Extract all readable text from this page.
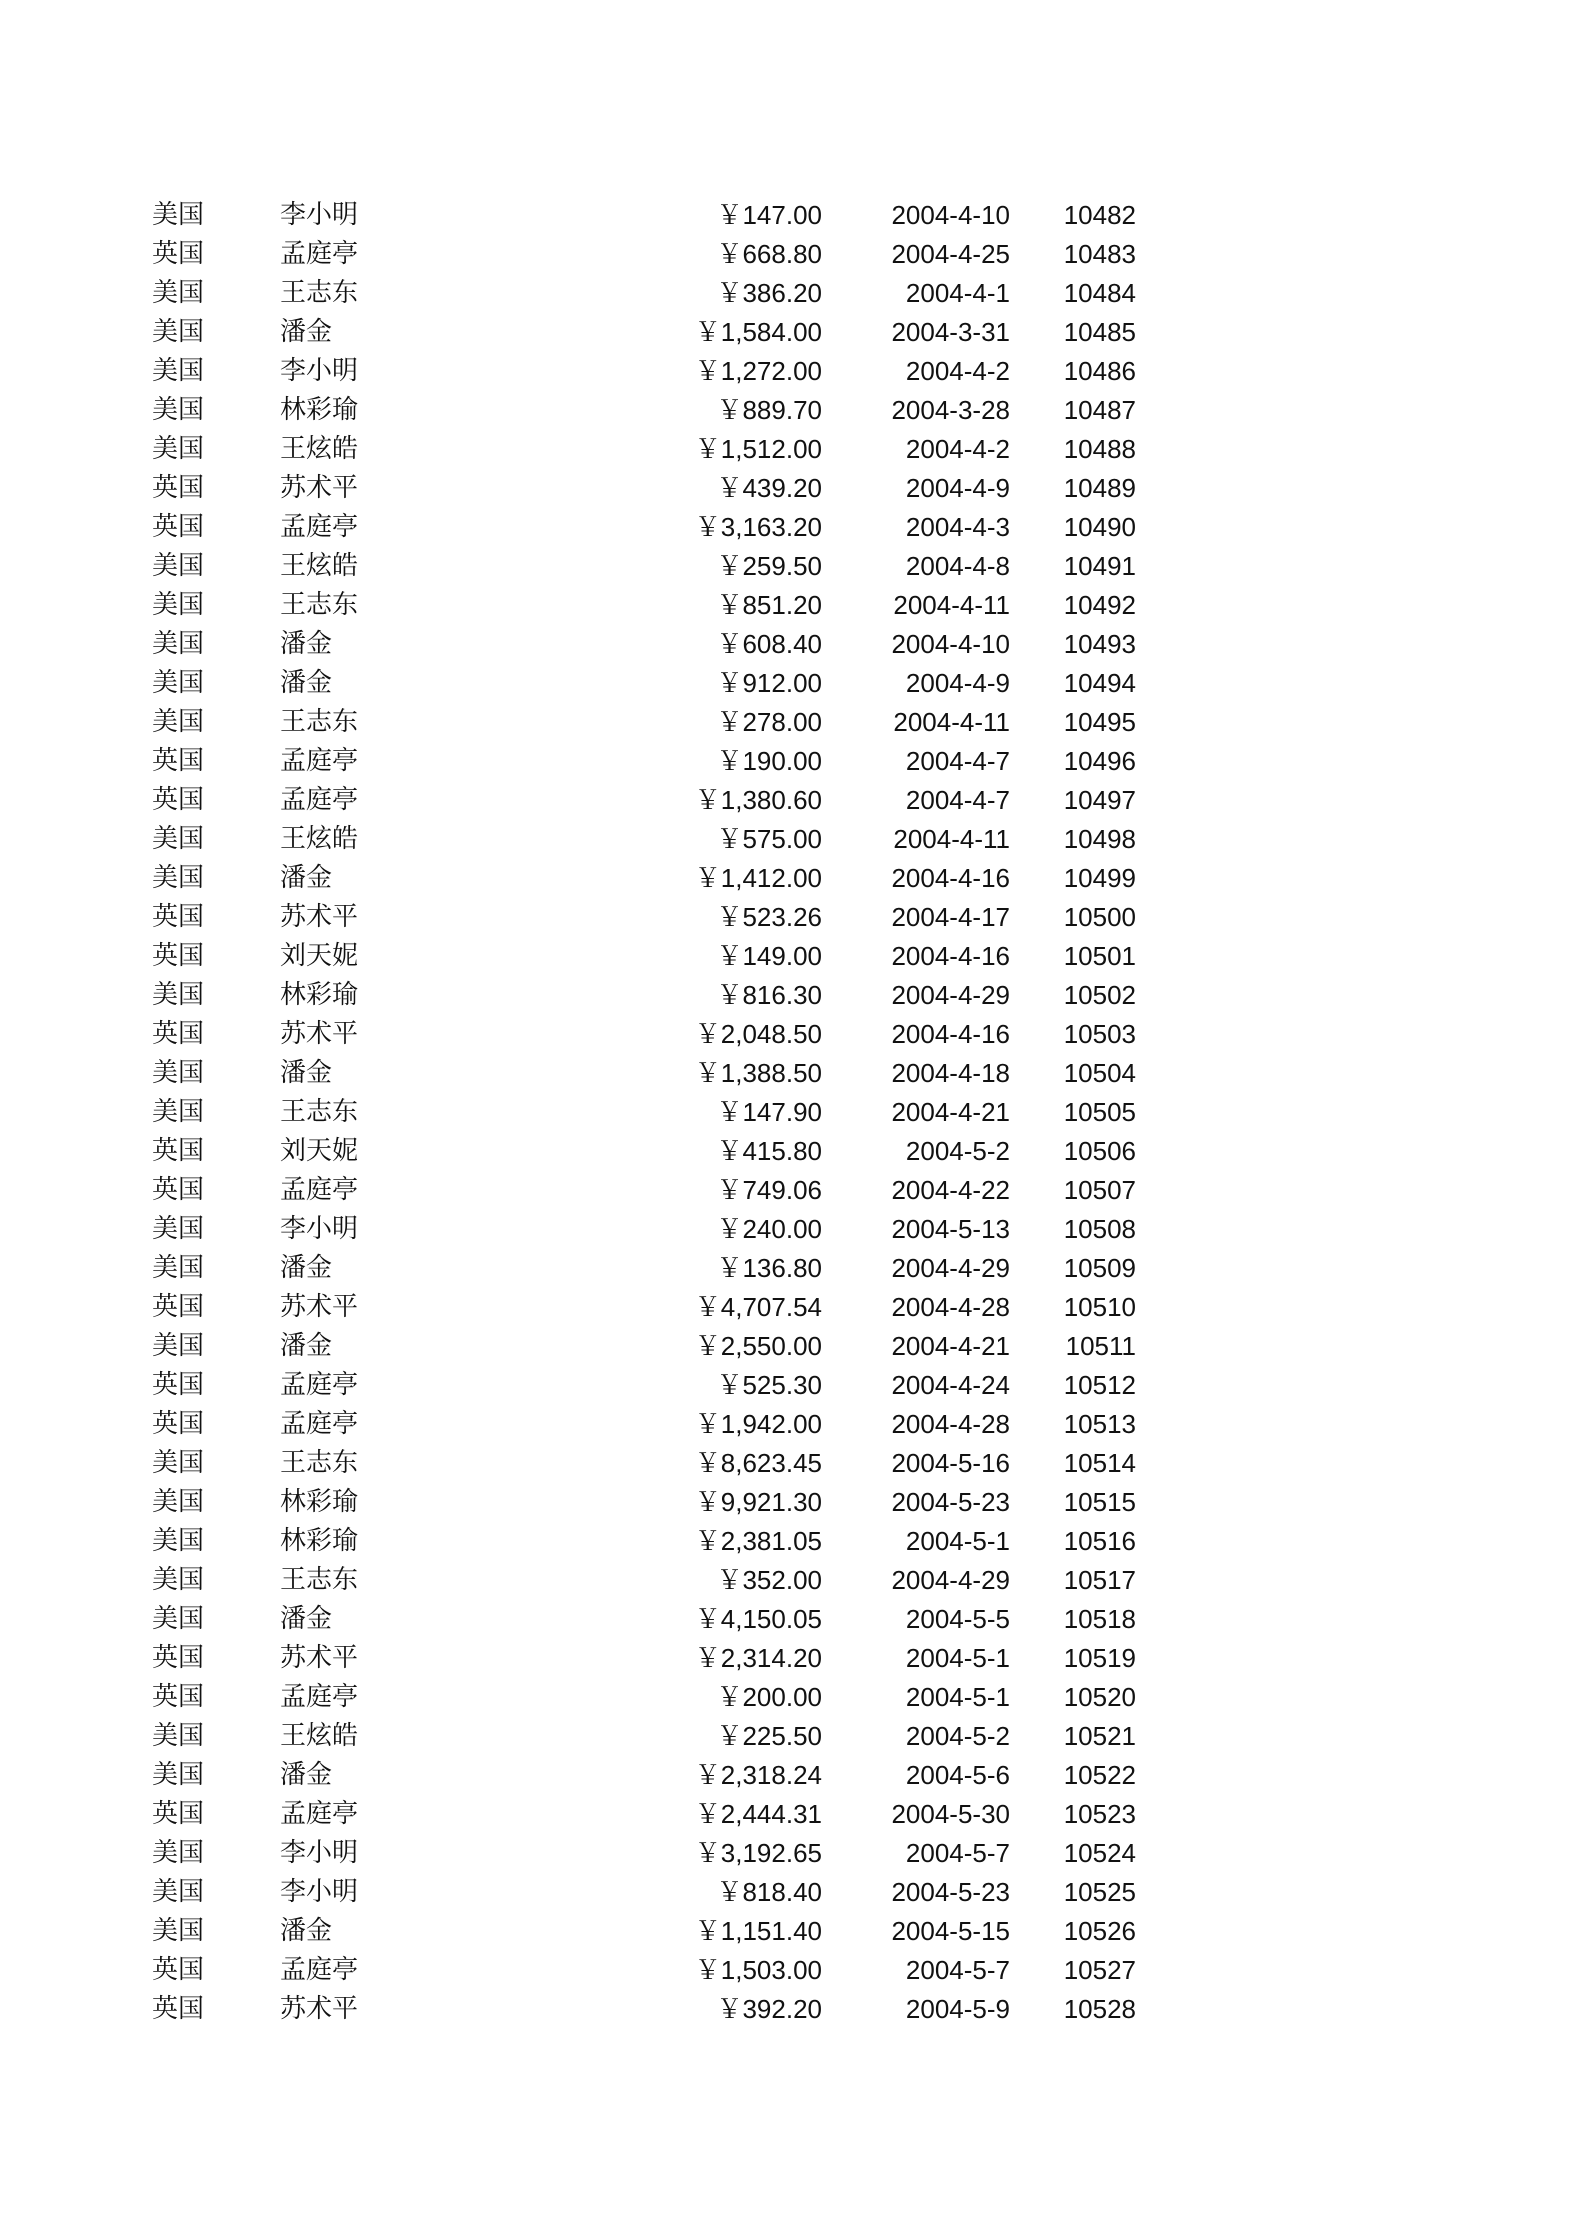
美国	李小明	￥147.00	2004-4-10	10482
英国	孟庭亭	￥668.80	2004-4-25	10483
美国	王志东	￥386.20	2004-4-1	10484
美国	潘金	￥1,584.00	2004-3-31	10485
美国	李小明	￥1,272.00	2004-4-2	10486
美国	林彩瑜	￥889.70	2004-3-28	10487
美国	王炫皓	￥1,512.00	2004-4-2	10488
英国	苏术平	￥439.20	2004-4-9	10489
英国	孟庭亭	￥3,163.20	2004-4-3	10490
美国	王炫皓	￥259.50	2004-4-8	10491
美国	王志东	￥851.20	2004-4-11	10492
美国	潘金	￥608.40	2004-4-10	10493
美国	潘金	￥912.00	2004-4-9	10494
美国	王志东	￥278.00	2004-4-11	10495
英国	孟庭亭	￥190.00	2004-4-7	10496
英国	孟庭亭	￥1,380.60	2004-4-7	10497
美国	王炫皓	￥575.00	2004-4-11	10498
美国	潘金	￥1,412.00	2004-4-16	10499
英国	苏术平	￥523.26	2004-4-17	10500
英国	刘天妮	￥149.00	2004-4-16	10501
美国	林彩瑜	￥816.30	2004-4-29	10502
英国	苏术平	￥2,048.50	2004-4-16	10503
美国	潘金	￥1,388.50	2004-4-18	10504
美国	王志东	￥147.90	2004-4-21	10505
英国	刘天妮	￥415.80	2004-5-2	10506
英国	孟庭亭	￥749.06	2004-4-22	10507
美国	李小明	￥240.00	2004-5-13	10508
美国	潘金	￥136.80	2004-4-29	10509
英国	苏术平	￥4,707.54	2004-4-28	10510
美国	潘金	￥2,550.00	2004-4-21	10511
英国	孟庭亭	￥525.30	2004-4-24	10512
英国	孟庭亭	￥1,942.00	2004-4-28	10513
美国	王志东	￥8,623.45	2004-5-16	10514
美国	林彩瑜	￥9,921.30	2004-5-23	10515
美国	林彩瑜	￥2,381.05	2004-5-1	10516
美国	王志东	￥352.00	2004-4-29	10517
美国	潘金	￥4,150.05	2004-5-5	10518
英国	苏术平	￥2,314.20	2004-5-1	10519
英国	孟庭亭	￥200.00	2004-5-1	10520
美国	王炫皓	￥225.50	2004-5-2	10521
美国	潘金	￥2,318.24	2004-5-6	10522
英国	孟庭亭	￥2,444.31	2004-5-30	10523
美国	李小明	￥3,192.65	2004-5-7	10524
美国	李小明	￥818.40	2004-5-23	10525
美国	潘金	￥1,151.40	2004-5-15	10526
英国	孟庭亭	￥1,503.00	2004-5-7	10527
英国	苏术平	￥392.20	2004-5-9	10528
